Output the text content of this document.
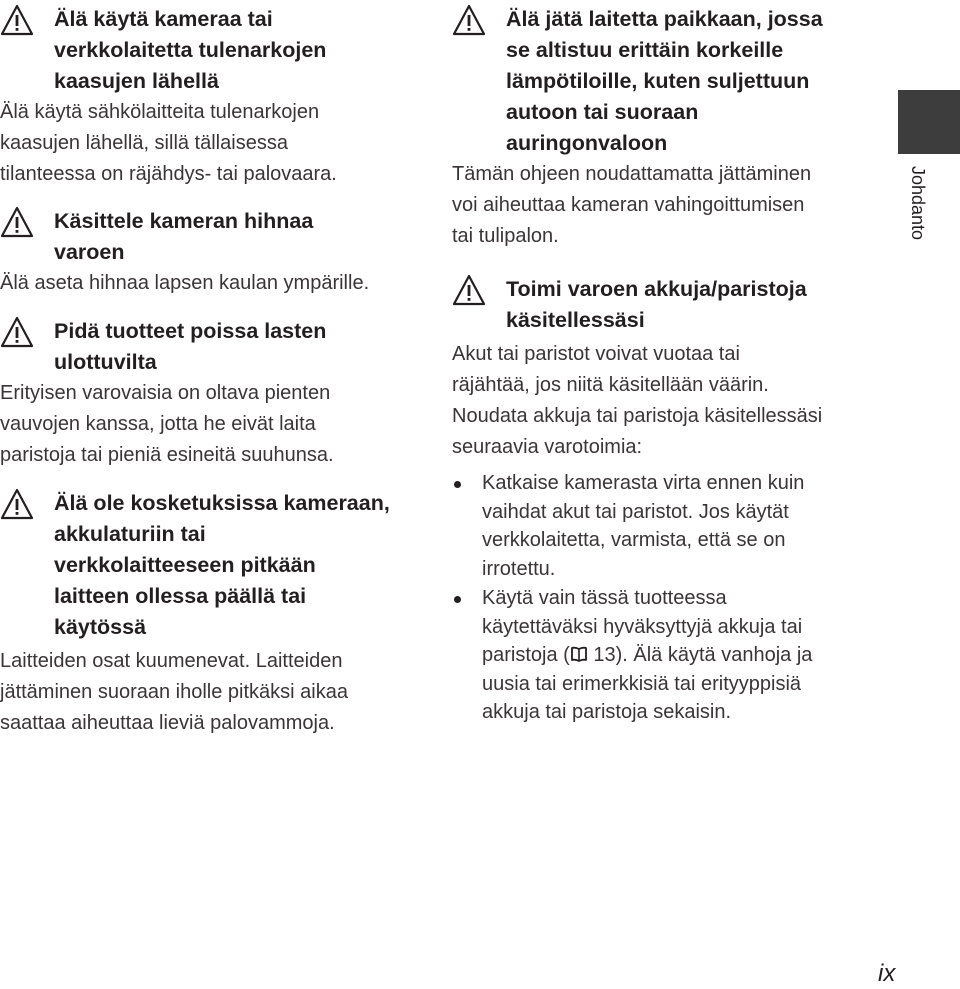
Älä käytä kameraa tai
verkkolaitetta tulenarkojen
kaasujen lähellä

Älä käytä sähkölaitteita tulenarkojen
kaasujen lähellä, sillä tällaisessa
tilanteessa on räjähdys- tai palovaara.

Käsittele kameran hihnaa
varoen

Älä aseta hihnaa lapsen kaulan ympärille.

Pidä tuotteet poissa lasten
ulottuvilta

Erityisen varovaisia on oltava pienten
vauvojen kanssa, jotta he eivät laita
paristoja tai pieniä esineitä suuhunsa.

Älä ole kosketuksissa kameraan,
akkulaturiin tai
verkkolaitteeseen pitkään
laitteen ollessa päällä tai
käytössä

Laitteiden osat kuumenevat. Laitteiden
jättäminen suoraan iholle pitkäksi aikaa
saattaa aiheuttaa lieviä palovammoja.

Älä jätä laitetta paikkaan, jossa
se altistuu erittäin korkeille
lämpötiloille, kuten suljettuun
autoon tai suoraan
auringonvaloon

Tämän ohjeen noudattamatta jättäminen
voi aiheuttaa kameran vahingoittumisen
tai tulipalon.

Toimi varoen akkuja/paristoja
käsitellessäsi

Akut tai paristot voivat vuotaa tai
räjähtää, jos niitä käsitellään väärin.
Noudata akkuja tai paristoja käsitellessäsi
seuraavia varotoimia:

Katkaise kamerasta virta ennen kuin
vaihdat akut tai paristot. Jos käytät
verkkolaitetta, varmista, että se on
irrotettu.
Käytä vain tässä tuotteessa
käytettäväksi hyväksyttyjä akkuja tai
paristoja (
13). Älä käytä vanhoja ja
uusia tai erimerkkisiä tai erityyppisiä
akkuja tai paristoja sekaisin.
Johdanto
ix
